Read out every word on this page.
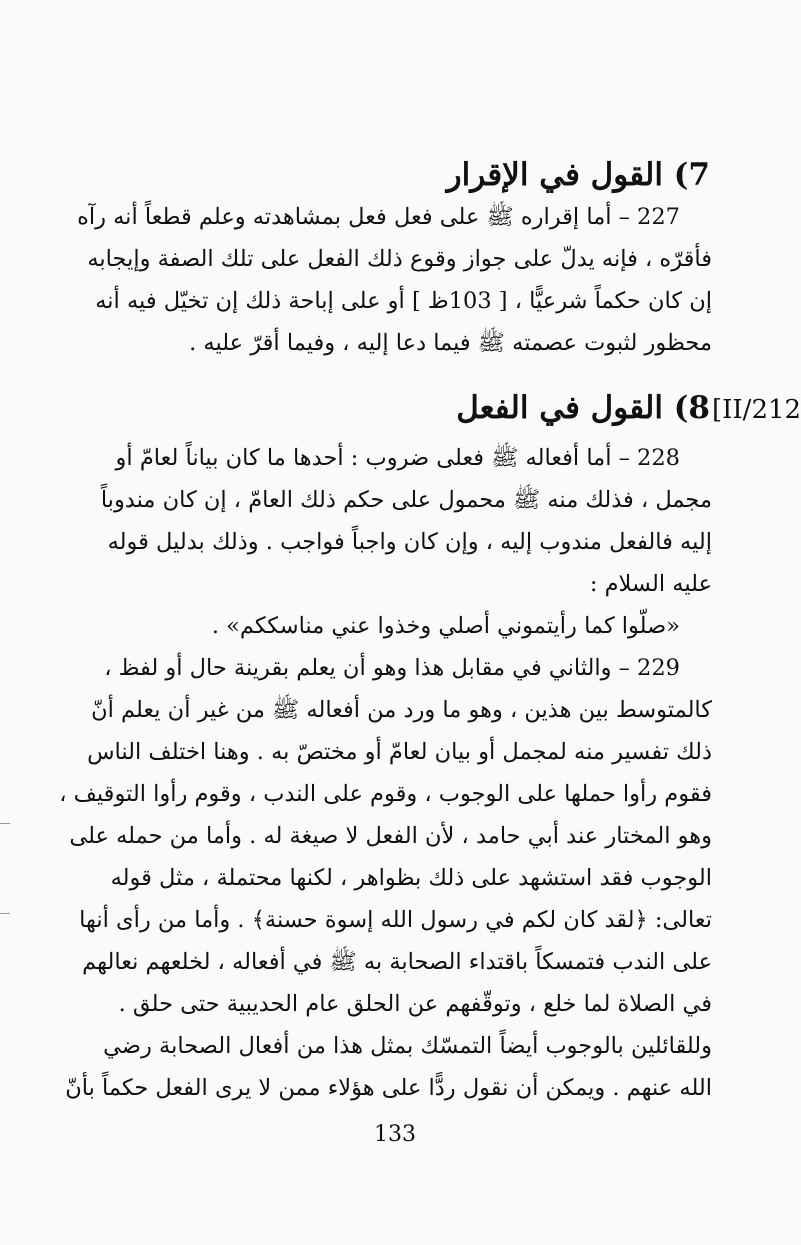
7) القول في الإقرار
227 – أما إقراره ﷺ على فعل فعل بمشاهدته وعلم قطعاً أنه رآه
فأقرّه ، فإنه يدلّ على جواز وقوع ذلك الفعل على تلك الصفة وإيجابه
إن كان حكماً شرعيًّا ، [ 103ظ ] أو على إباحة ذلك إن تخيّل فيه أنه
محظور لثبوت عصمته ﷺ فيما دعا إليه ، وفيما أقرّ عليه .
8) القول في الفعل [II/212
228 – أما أفعاله ﷺ فعلى ضروب : أحدها ما كان بياناً لعامّ أو
مجمل ، فذلك منه ﷺ محمول على حكم ذلك العامّ ، إن كان مندوباً
إليه فالفعل مندوب إليه ، وإن كان واجباً فواجب . وذلك بدليل قوله
عليه السلام :
«صلّوا كما رأيتموني أصلي وخذوا عني مناسككم» .
229 – والثاني في مقابل هذا وهو أن يعلم بقرينة حال أو لفظ ،
كالمتوسط بين هذين ، وهو ما ورد من أفعاله ﷺ من غير أن يعلم أنّ
ذلك تفسير منه لمجمل أو بيان لعامّ أو مختصّ به . وهنا اختلف الناس
فقوم رأوا حملها على الوجوب ، وقوم على الندب ، وقوم رأوا التوقيف ،
وهو المختار عند أبي حامد ، لأن الفعل لا صيغة له . وأما من حمله على
الوجوب فقد استشهد على ذلك بظواهر ، لكنها محتملة ، مثل قوله
تعالى: ﴿لقد كان لكم في رسول الله إسوة حسنة﴾ . وأما من رأى أنها
على الندب فتمسكاً باقتداء الصحابة به ﷺ في أفعاله ، لخلعهم نعالهم
في الصلاة لما خلع ، وتوقّفهم عن الحلق عام الحديبية حتى حلق .
وللقائلين بالوجوب أيضاً التمسّك بمثل هذا من أفعال الصحابة رضي
الله عنهم . ويمكن أن نقول ردًّا على هؤلاء ممن لا يرى الفعل حكماً بأنّ
133
